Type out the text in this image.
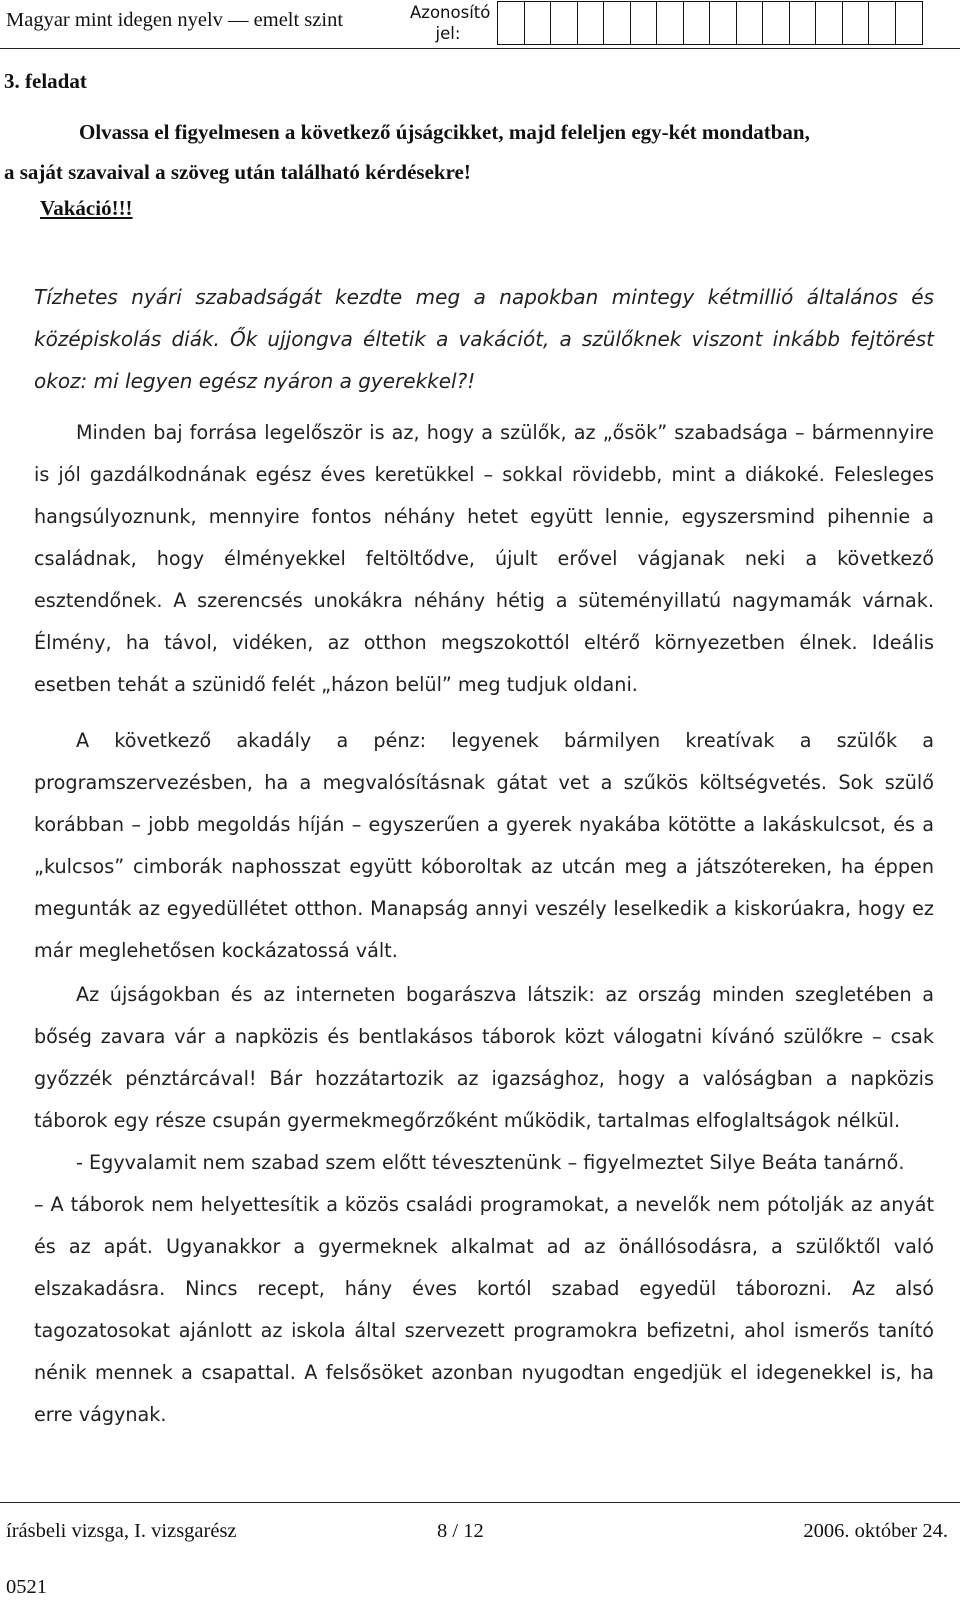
Magyar mint idegen nyelv — emelt szint	Azonosító
jel:
3. feladat
Olvassa el figyelmesen a következő újságcikket, majd feleljen egy-két mondatban,
a saját szavaival a szöveg után található kérdésekre!
Vakáció!!!
Tízhetes nyári szabadságát kezdte meg a napokban mintegy kétmillió általános és középiskolás diák. Ők ujjongva éltetik a vakációt, a szülőknek viszont inkább fejtörést okoz: mi legyen egész nyáron a gyerekkel?!

Minden baj forrása legelőször is az, hogy a szülők, az „ősök” szabadsága – bármennyire is jól gazdálkodnának egész éves keretükkel – sokkal rövidebb, mint a diákoké. Felesleges hangsúlyoznunk, mennyire fontos néhány hetet együtt lennie, egyszersmind pihennie a családnak, hogy élményekkel feltöltődve, újult erővel vágjanak neki a következő esztendőnek. A szerencsés unokákra néhány hétig a süteményillatú nagymamák várnak. Élmény, ha távol, vidéken, az otthon megszokottól eltérő környezetben élnek. Ideális esetben tehát a szünidő felét „házon belül” meg tudjuk oldani.

A következő akadály a pénz: legyenek bármilyen kreatívak a szülők a programszervezésben, ha a megvalósításnak gátat vet a szűkös költségvetés. Sok szülő korábban – jobb megoldás híján – egyszerűen a gyerek nyakába kötötte a lakáskulcsot, és a „kulcsos” cimborák naphosszat együtt kóboroltak az utcán meg a játszótereken, ha éppen megunták az egyedüllétet otthon. Manapság annyi veszély leselkedik a kiskorúakra, hogy ez már meglehetősen kockázatossá vált.

Az újságokban és az interneten bogarászva látszik: az ország minden szegletében a bőség zavara vár a napközis és bentlakásos táborok közt válogatni kívánó szülőkre – csak győzzék pénztárcával! Bár hozzátartozik az igazsághoz, hogy a valóságban a napközis táborok egy része csupán gyermekmegőrzőként működik, tartalmas elfoglaltságok nélkül.

- Egyvalamit nem szabad szem előtt tévesztenünk – figyelmeztet Silye Beáta tanárnő.

– A táborok nem helyettesítik a közös családi programokat, a nevelők nem pótolják az anyát és az apát. Ugyanakkor a gyermeknek alkalmat ad az önállósodásra, a szülőktől való elszakadásra. Nincs recept, hány éves kortól szabad egyedül táborozni. Az alsó tagozatosokat ajánlott az iskola által szervezett programokra befizetni, ahol ismerős tanító nénik mennek a csapattal. A felsősöket azonban nyugodtan engedjük el idegenekkel is, ha erre vágynak.

írásbeli vizsga, I. vizsgarész	8 / 12	2006. október 24.
0521
